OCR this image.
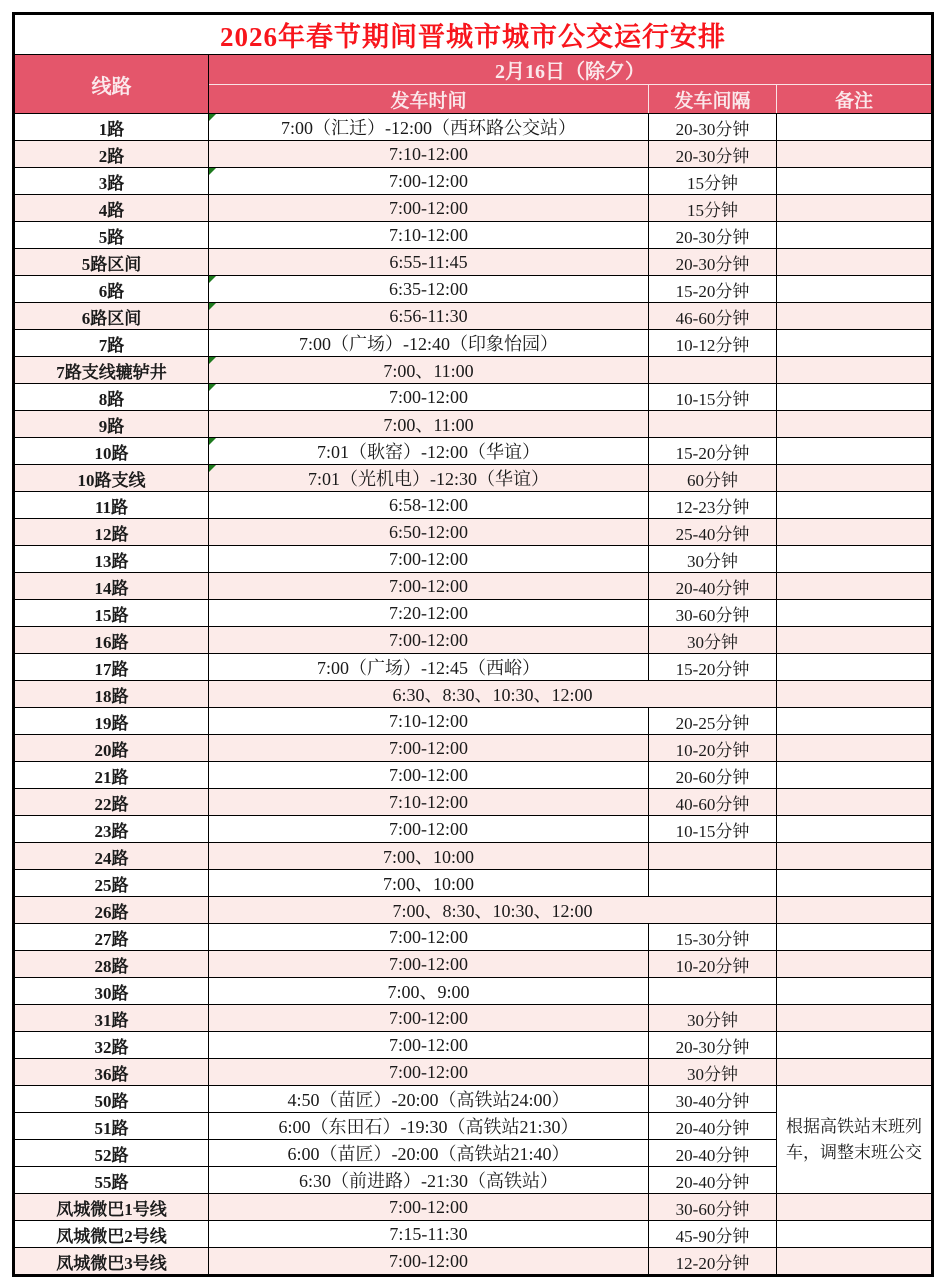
2026年春节期间晋城市城市公交运行安排			
线路	2月16日（除夕）		
	发车时间	发车间隔	备注
1路	7:00（汇迁）-12:00（西环路公交站）	20-30分钟	
2路	7:10-12:00	20-30分钟	
3路	7:00-12:00	15分钟	
4路	7:00-12:00	15分钟	
5路	7:10-12:00	20-30分钟	
5路区间	6:55-11:45	20-30分钟	
6路	6:35-12:00	15-20分钟	
6路区间	6:56-11:30	46-60分钟	
7路	7:00（广场）-12:40（印象怡园）	10-12分钟	
7路支线辘轳井	7:00、11:00		
8路	7:00-12:00	10-15分钟	
9路	7:00、11:00		
10路	7:01（耿窑）-12:00（华谊）	15-20分钟	
10路支线	7:01（光机电）-12:30（华谊）	60分钟	
11路	6:58-12:00	12-23分钟	
12路	6:50-12:00	25-40分钟	
13路	7:00-12:00	30分钟	
14路	7:00-12:00	20-40分钟	
15路	7:20-12:00	30-60分钟	
16路	7:00-12:00	30分钟	
17路	7:00（广场）-12:45（西峪）	15-20分钟	
18路	6:30、8:30、10:30、12:00		
19路	7:10-12:00	20-25分钟	
20路	7:00-12:00	10-20分钟	
21路	7:00-12:00	20-60分钟	
22路	7:10-12:00	40-60分钟	
23路	7:00-12:00	10-15分钟	
24路	7:00、10:00		
25路	7:00、10:00		
26路	7:00、8:30、10:30、12:00		
27路	7:00-12:00	15-30分钟	
28路	7:00-12:00	10-20分钟	
30路	7:00、9:00		
31路	7:00-12:00	30分钟	
32路	7:00-12:00	20-30分钟	
36路	7:00-12:00	30分钟	
50路	4:50（苗匠）-20:00（高铁站24:00）	30-40分钟	根据高铁站末班列车，调整末班公交
51路	6:00（东田石）-19:30（高铁站21:30）	20-40分钟	
52路	6:00（苗匠）-20:00（高铁站21:40）	20-40分钟	
55路	6:30（前进路）-21:30（高铁站）	20-40分钟	
凤城微巴1号线	7:00-12:00	30-60分钟	
凤城微巴2号线	7:15-11:30	45-90分钟	
凤城微巴3号线	7:00-12:00	12-20分钟	
